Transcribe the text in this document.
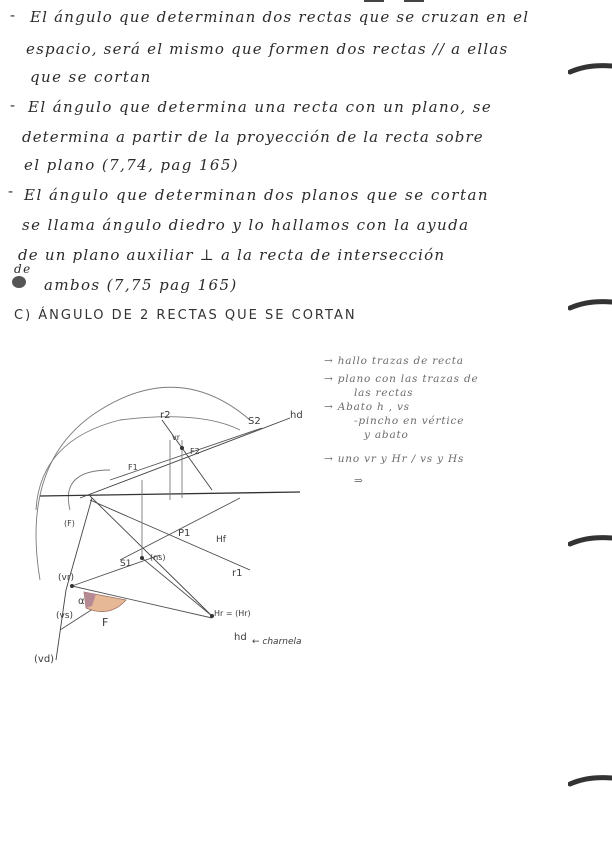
- El ángulo que determinan dos rectas que se cruzan en el
espacio, será el mismo que formen dos rectas // a ellas
que se cortan
- El ángulo que determina una recta con un plano, se
determina a partir de la proyección de la recta sobre
el plano (7,74, pag 165)
- El ángulo que determinan dos planos que se cortan
se llama ángulo diedro y lo hallamos con la ayuda
de un plano auxiliar ⊥ a la recta de intersección
de
ambos (7,75 pag 165)
C) ÁNGULO DE 2 RECTAS QUE SE CORTAN
→ hallo trazas de recta
→ plano con las trazas de
las rectas
→ Abato h , vs
-pincho en vértice
y abato
→ uno vr y Hr / vs y Hs
⇒
r2
S2
hd
vr
F2
F1
P1
Hf
S1
(ns)
r1
(F)
(vr)
(vs)
α
F
Hr = (Hr)
hd ← charnela
(vd)
